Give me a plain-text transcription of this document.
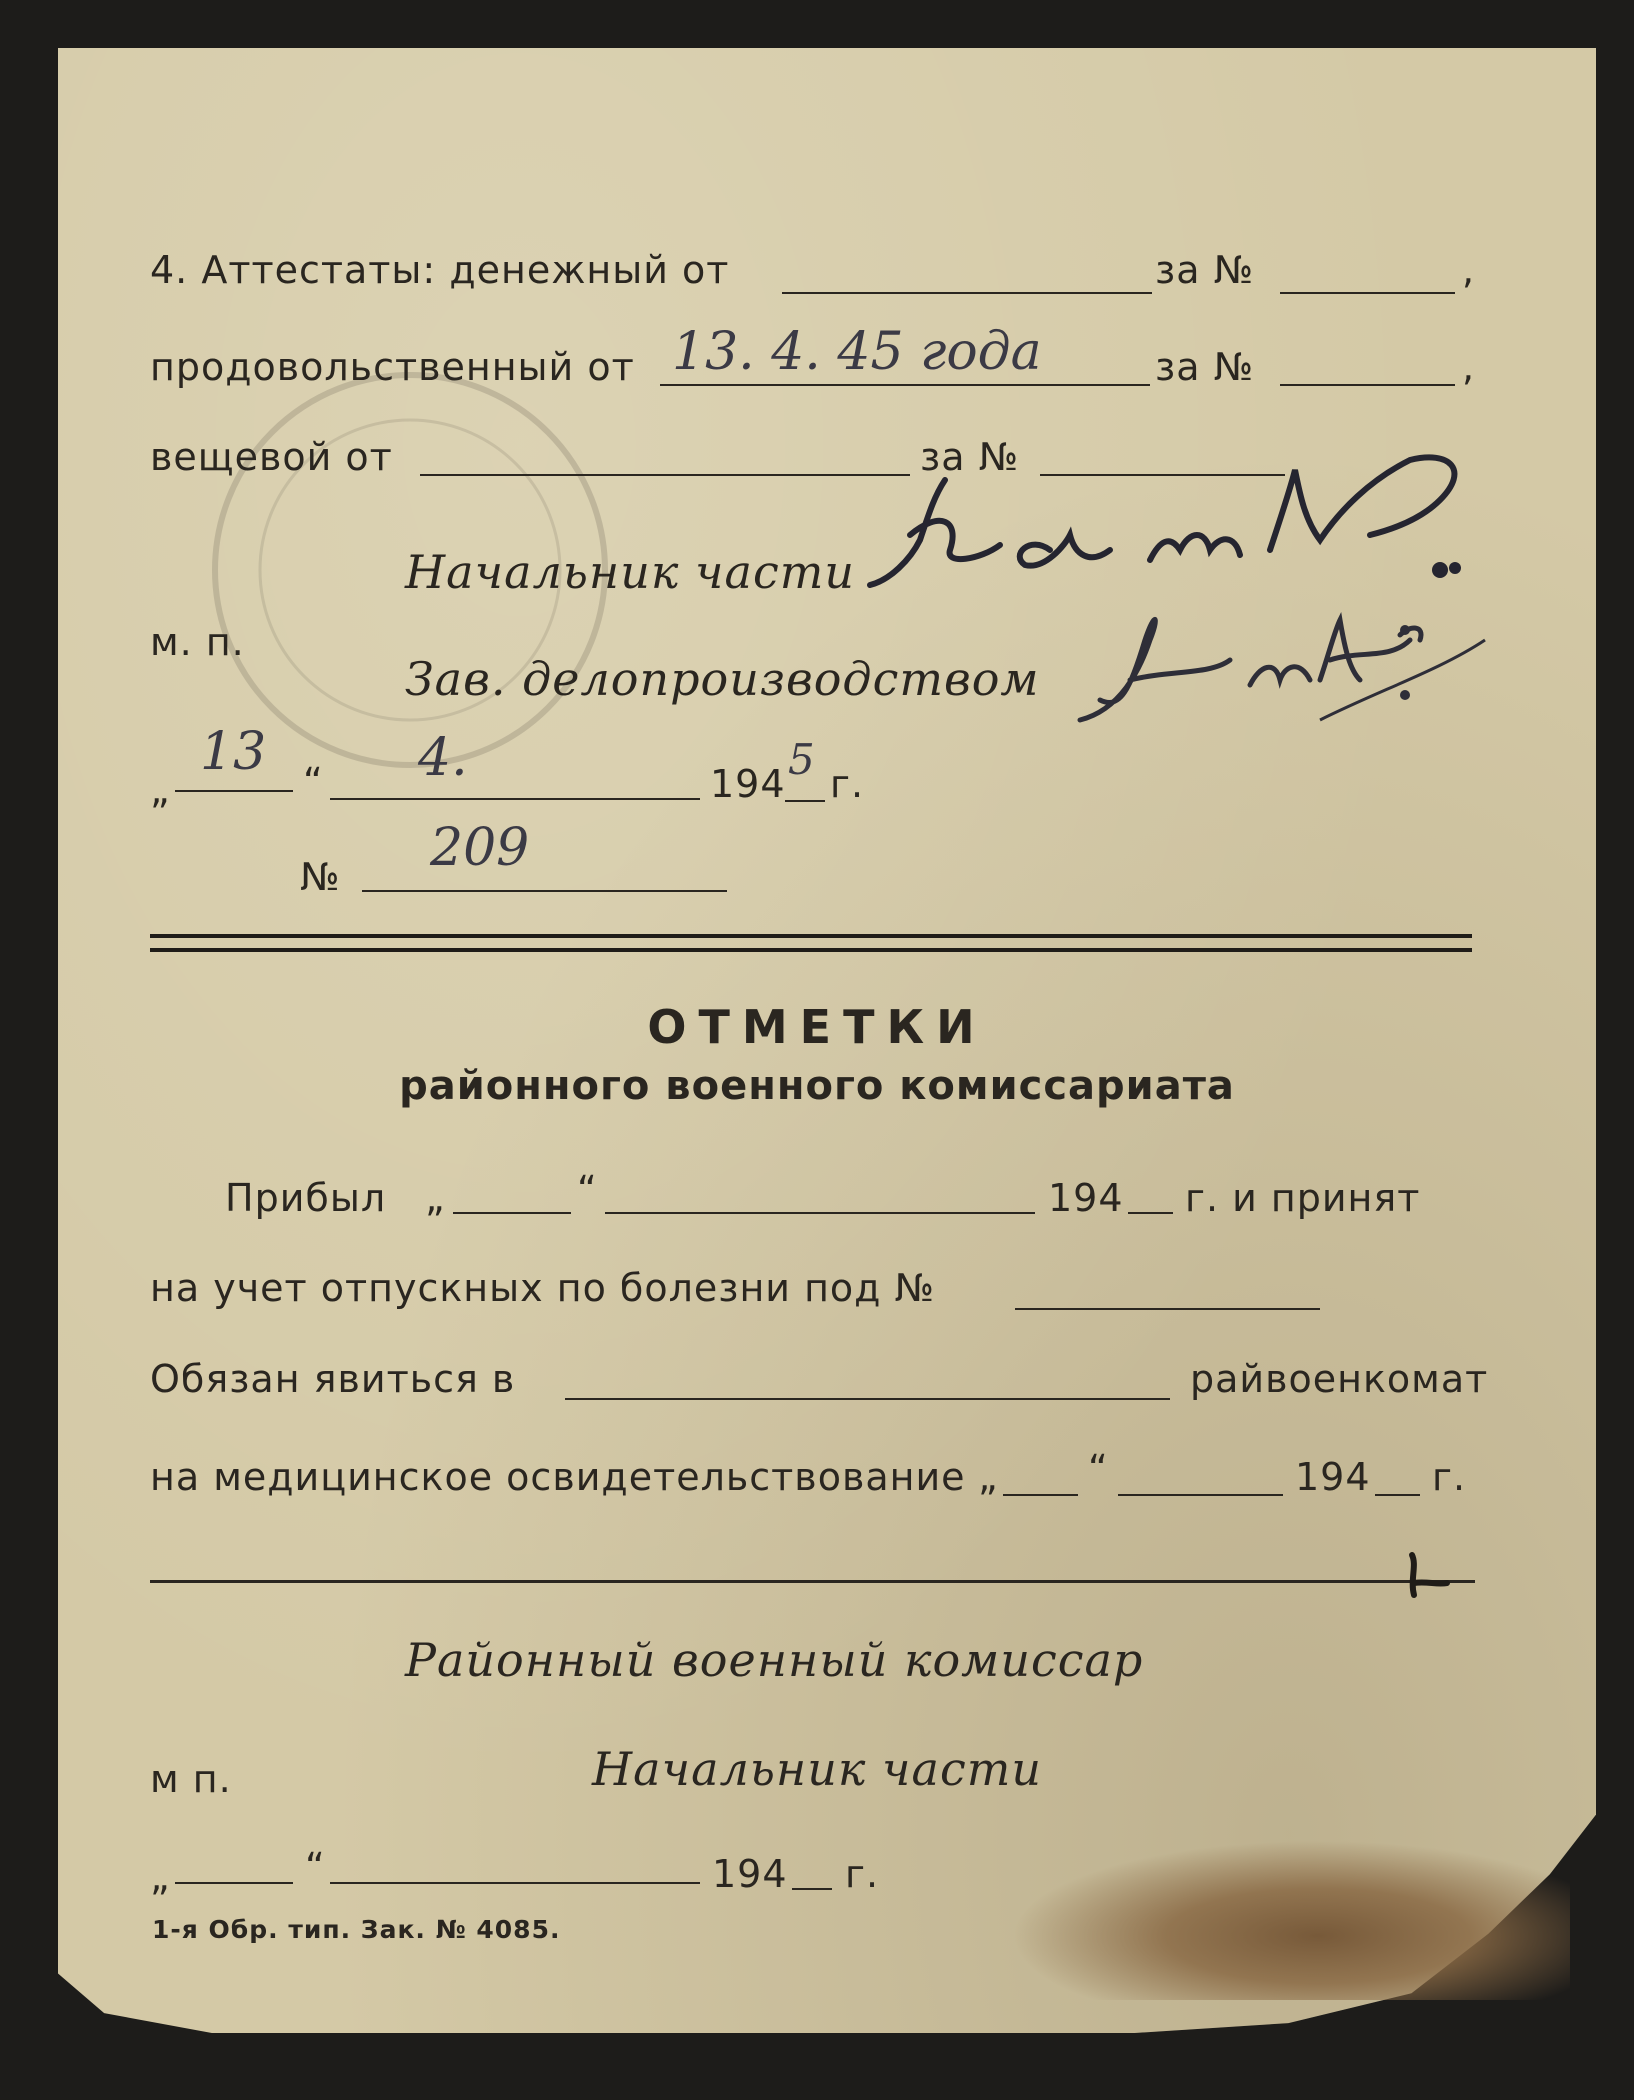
4. Аттестаты: денежный от	за №	,
продовольственный от 13. 4. 45 года	за №	,
вещевой от	за №
Начальник части
м. п.
Зав. делопроизводством
„
13 “ 4.	194 5 г.
№ 209
ОТМЕТКИ
районного военного комиссариата
Прибыл „	“	194 г. и принят
на учет отпускных по болезни под №
Обязан явиться в	райвоенкомат
на медицинское освидетельствование „ “	194 г.
Районный военный комиссар
м п.	Начальник части
„	“	194 г.
1-я Обр. тип. Зак. № 4085.
